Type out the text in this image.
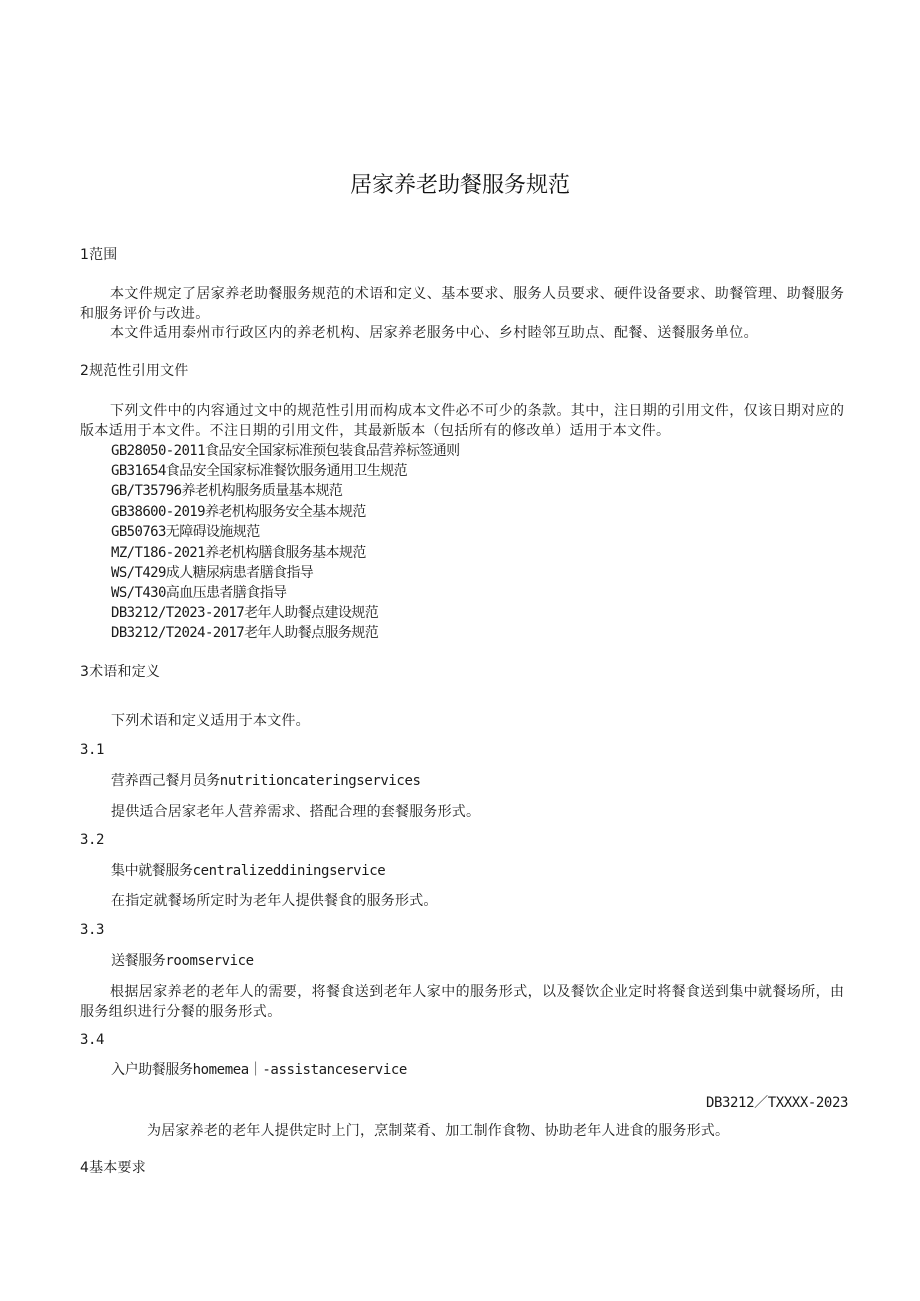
居家养老助餐服务规范
1范围
本文件规定了居家养老助餐服务规范的术语和定义、基本要求、服务人员要求、硬件设备要求、助餐管理、助餐服务和服务评价与改进。
本文件适用泰州市行政区内的养老机构、居家养老服务中心、乡村睦邻互助点、配餐、送餐服务单位。
2规范性引用文件
下列文件中的内容通过文中的规范性引用而构成本文件必不可少的条款。其中，注日期的引用文件，仅该日期对应的版本适用于本文件。不注日期的引用文件，其最新版本（包括所有的修改单）适用于本文件。
GB28050-2011食品安全国家标准预包装食品营养标签通则
GB31654食品安全国家标准餐饮服务通用卫生规范
GB/T35796养老机构服务质量基本规范
GB38600-2019养老机构服务安全基本规范
GB50763无障碍设施规范
MZ/T186-2021养老机构膳食服务基本规范
WS/T429成人糖尿病患者膳食指导
WS/T430高血压患者膳食指导
DB3212/T2023-2017老年人助餐点建设规范
DB3212/T2024-2017老年人助餐点服务规范
3术语和定义
下列术语和定义适用于本文件。
3.1
营养酉己餐月员务nutritioncateringservices
提供适合居家老年人营养需求、搭配合理的套餐服务形式。
3.2
集中就餐服务centralizeddiningservice
在指定就餐场所定时为老年人提供餐食的服务形式。
3.3
送餐服务roomservice
根据居家养老的老年人的需要，将餐食送到老年人家中的服务形式，以及餐饮企业定时将餐食送到集中就餐场所，由服务组织进行分餐的服务形式。
3.4
入户助餐服务homemea｜-assistanceservice
DB3212／TXXXX-2023
为居家养老的老年人提供定时上门，烹制菜肴、加工制作食物、协助老年人进食的服务形式。
4基本要求
